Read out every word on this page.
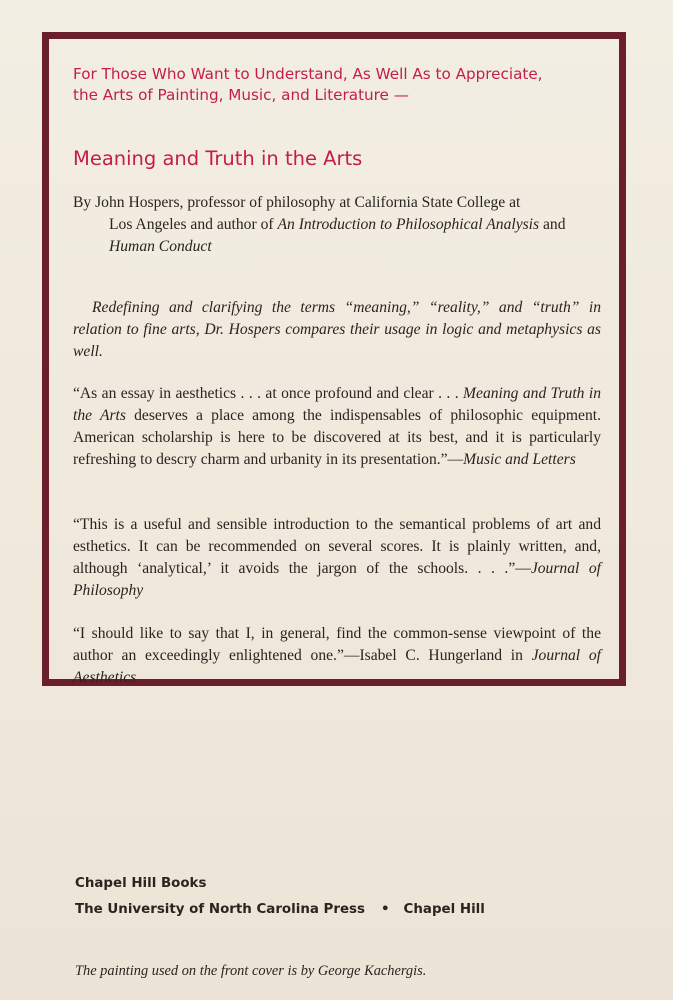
For Those Who Want to Understand, As Well As to Appreciate,
the Arts of Painting, Music, and Literature —
Meaning and Truth in the Arts
By John Hospers, professor of philosophy at California State College at
Los Angeles and author of An Introduction to Philosophical Analysis and Human Conduct
Redefining and clarifying the terms “meaning,” “reality,” and “truth” in relation to fine arts, Dr. Hospers compares their usage in logic and metaphysics as well.
“As an essay in aesthetics . . . at once profound and clear . . . Meaning and Truth in the Arts deserves a place among the indispensables of philosophic equipment. American scholarship is here to be discovered at its best, and it is particularly refreshing to descry charm and urbanity in its presentation.”—Music and Letters
“This is a useful and sensible introduction to the semantical problems of art and esthetics. It can be recommended on several scores. It is plainly written, and, although ‘analytical,’ it avoids the jargon of the schools. . . .”—Journal of Philosophy
“I should like to say that I, in general, find the common-sense viewpoint of the author an exceedingly enlightened one.”—Isabel C. Hungerland in Journal of Aesthetics
Chapel Hill Books
The University of North Carolina Press • Chapel Hill
The painting used on the front cover is by George Kachergis.
